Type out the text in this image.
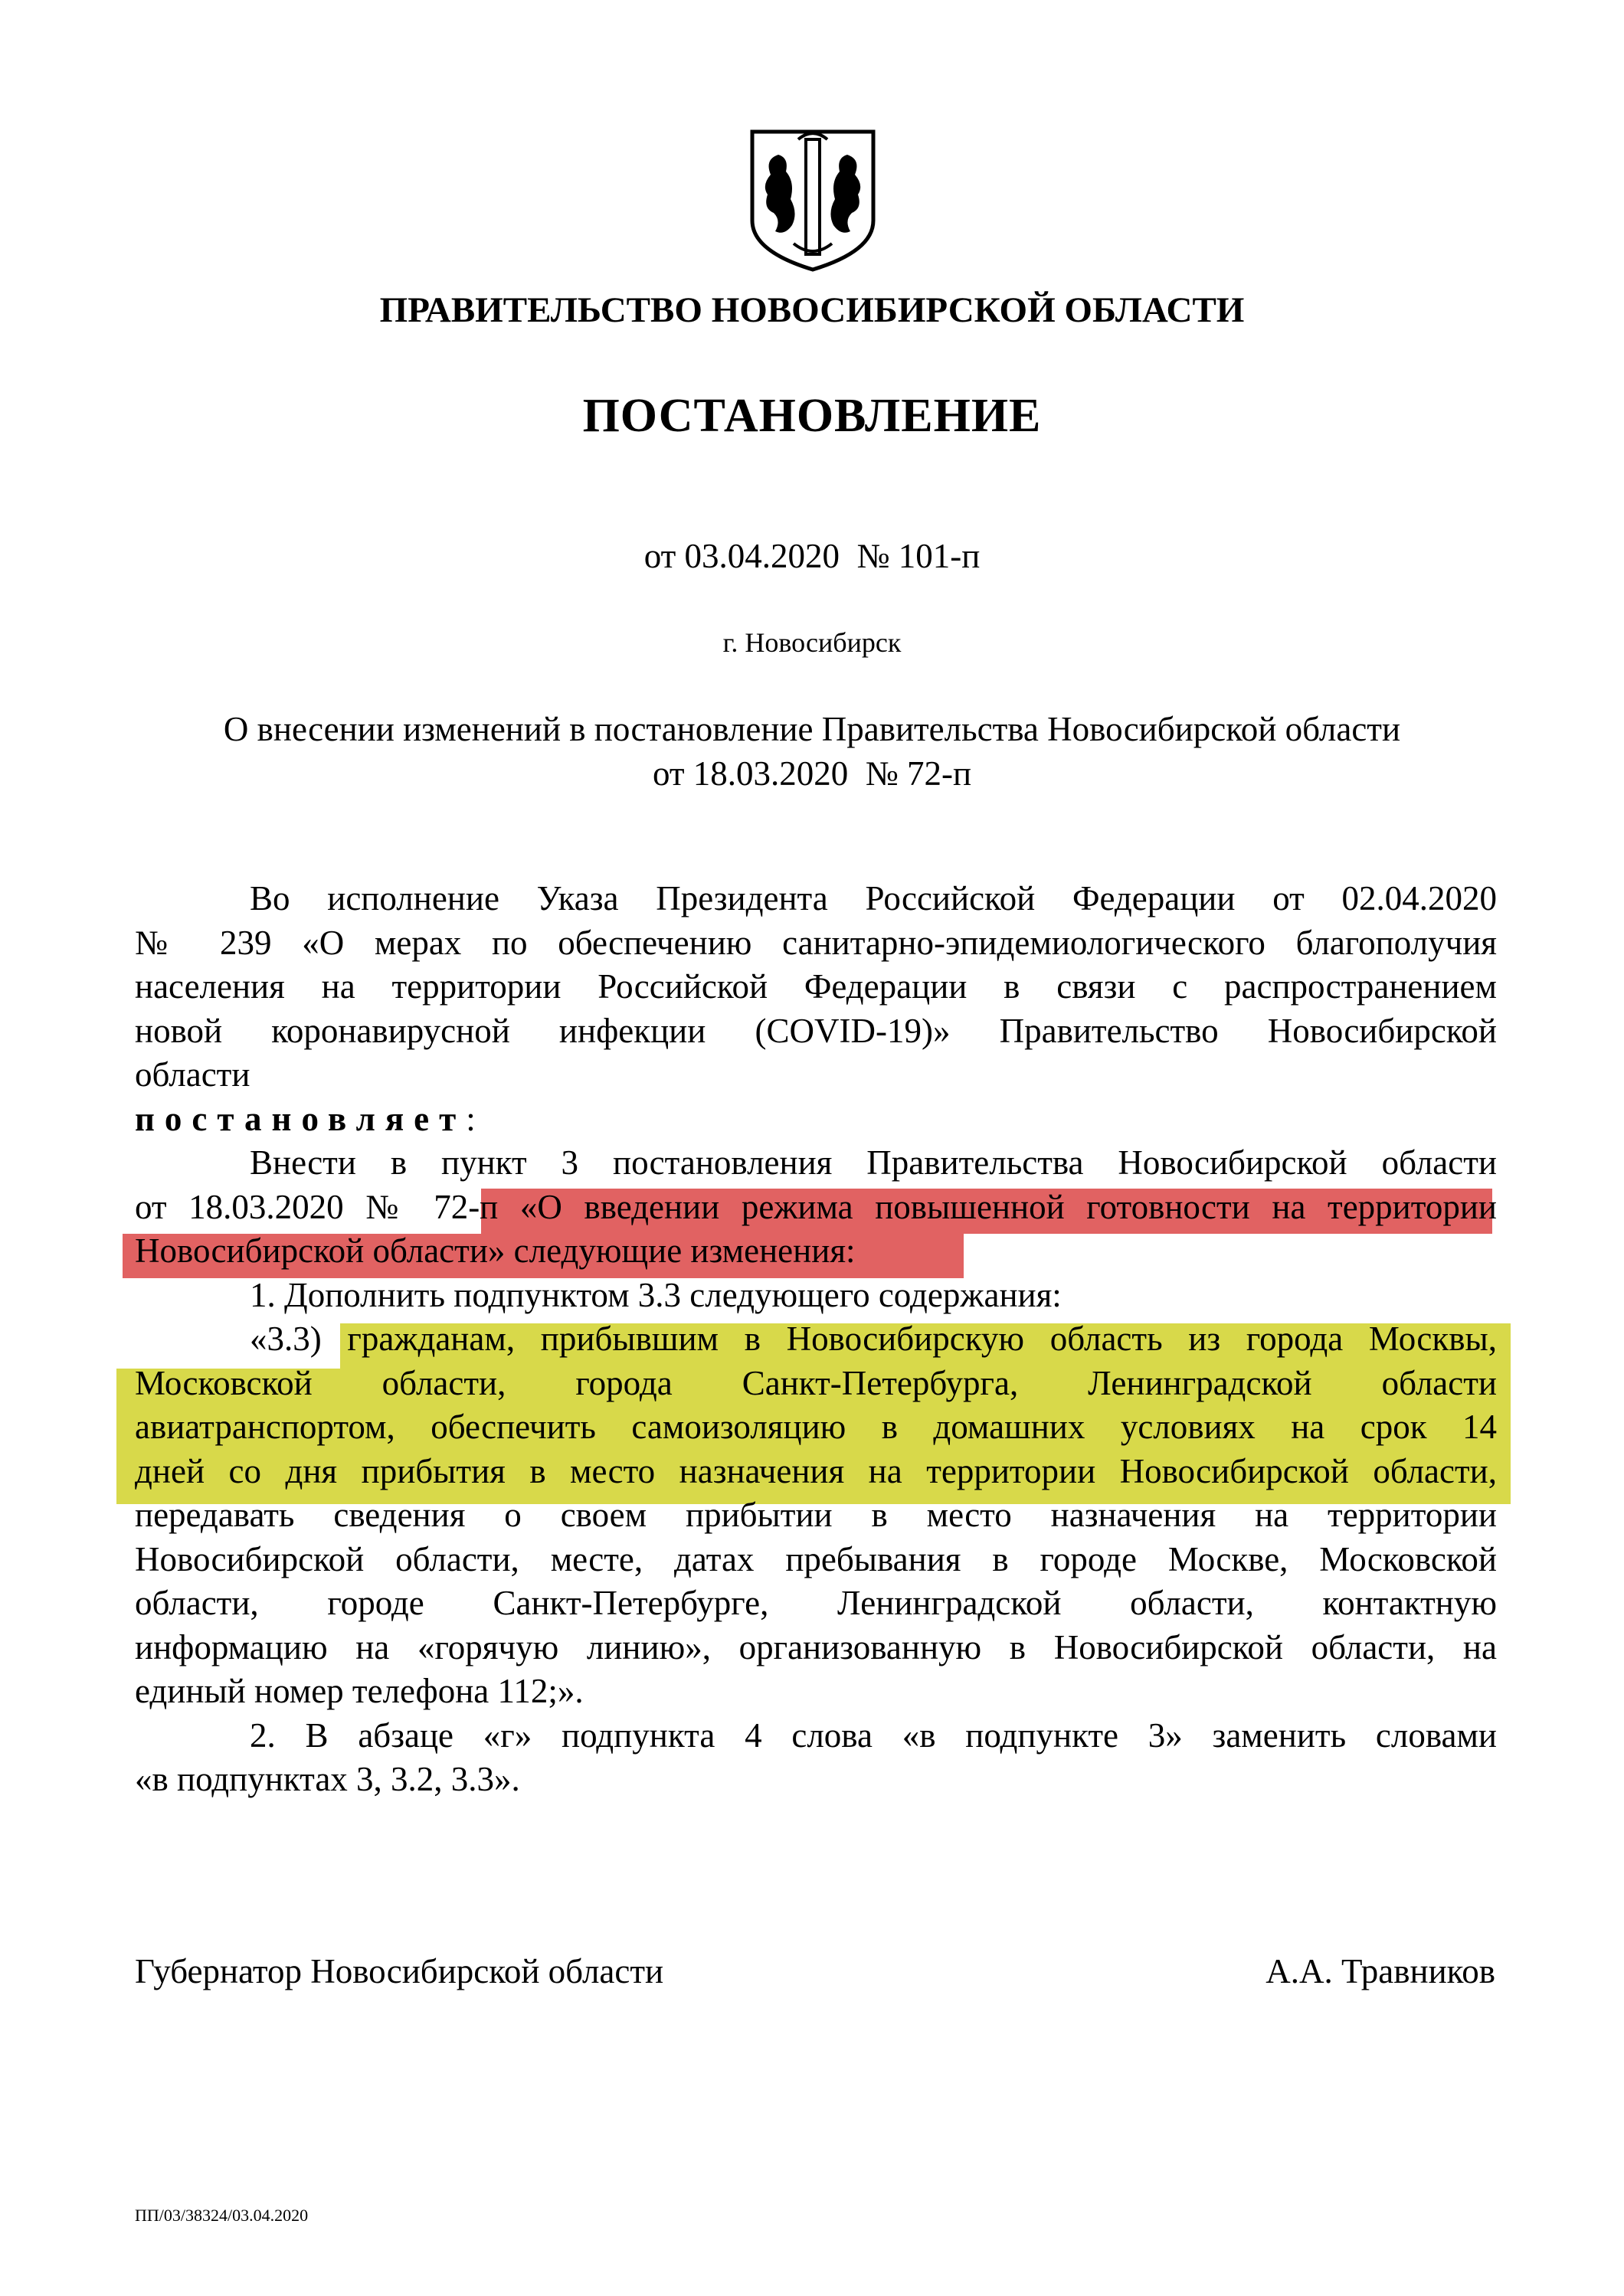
ПРАВИТЕЛЬСТВО НОВОСИБИРСКОЙ ОБЛАСТИ
ПОСТАНОВЛЕНИЕ
от 03.04.2020  № 101-п
г. Новосибирск
О внесении изменений в постановление Правительства Новосибирской области
от 18.03.2020  № 72-п
Во исполнение Указа Президента Российской Федерации от 02.04.2020
№ 239 «О мерах по обеспечению санитарно-эпидемиологического благополучия
населения на территории Российской Федерации в связи с распространением
новой коронавирусной инфекции (COVID-19)» Правительство Новосибирской
области
постановляет:
Внести в пункт 3 постановления Правительства Новосибирской области
от 18.03.2020 № 72-п «О введении режима повышенной готовности на территории
Новосибирской области» следующие изменения:
1. Дополнить подпунктом 3.3 следующего содержания:
«3.3) гражданам, прибывшим в Новосибирскую область из города Москвы,
Московской области, города Санкт-Петербурга, Ленинградской области
авиатранспортом, обеспечить самоизоляцию в домашних условиях на срок 14
дней со дня прибытия в место назначения на территории Новосибирской области,
передавать сведения о своем прибытии в место назначения на территории
Новосибирской области, месте, датах пребывания в городе Москве, Московской
области, городе Санкт-Петербурге, Ленинградской области, контактную
информацию на «горячую линию», организованную в Новосибирской области, на
единый номер телефона 112;».
2. В абзаце «г» подпункта 4 слова «в подпункте 3» заменить словами
«в подпунктах 3, 3.2, 3.3».
Губернатор Новосибирской области	А.А. Травников
ПП/03/38324/03.04.2020
